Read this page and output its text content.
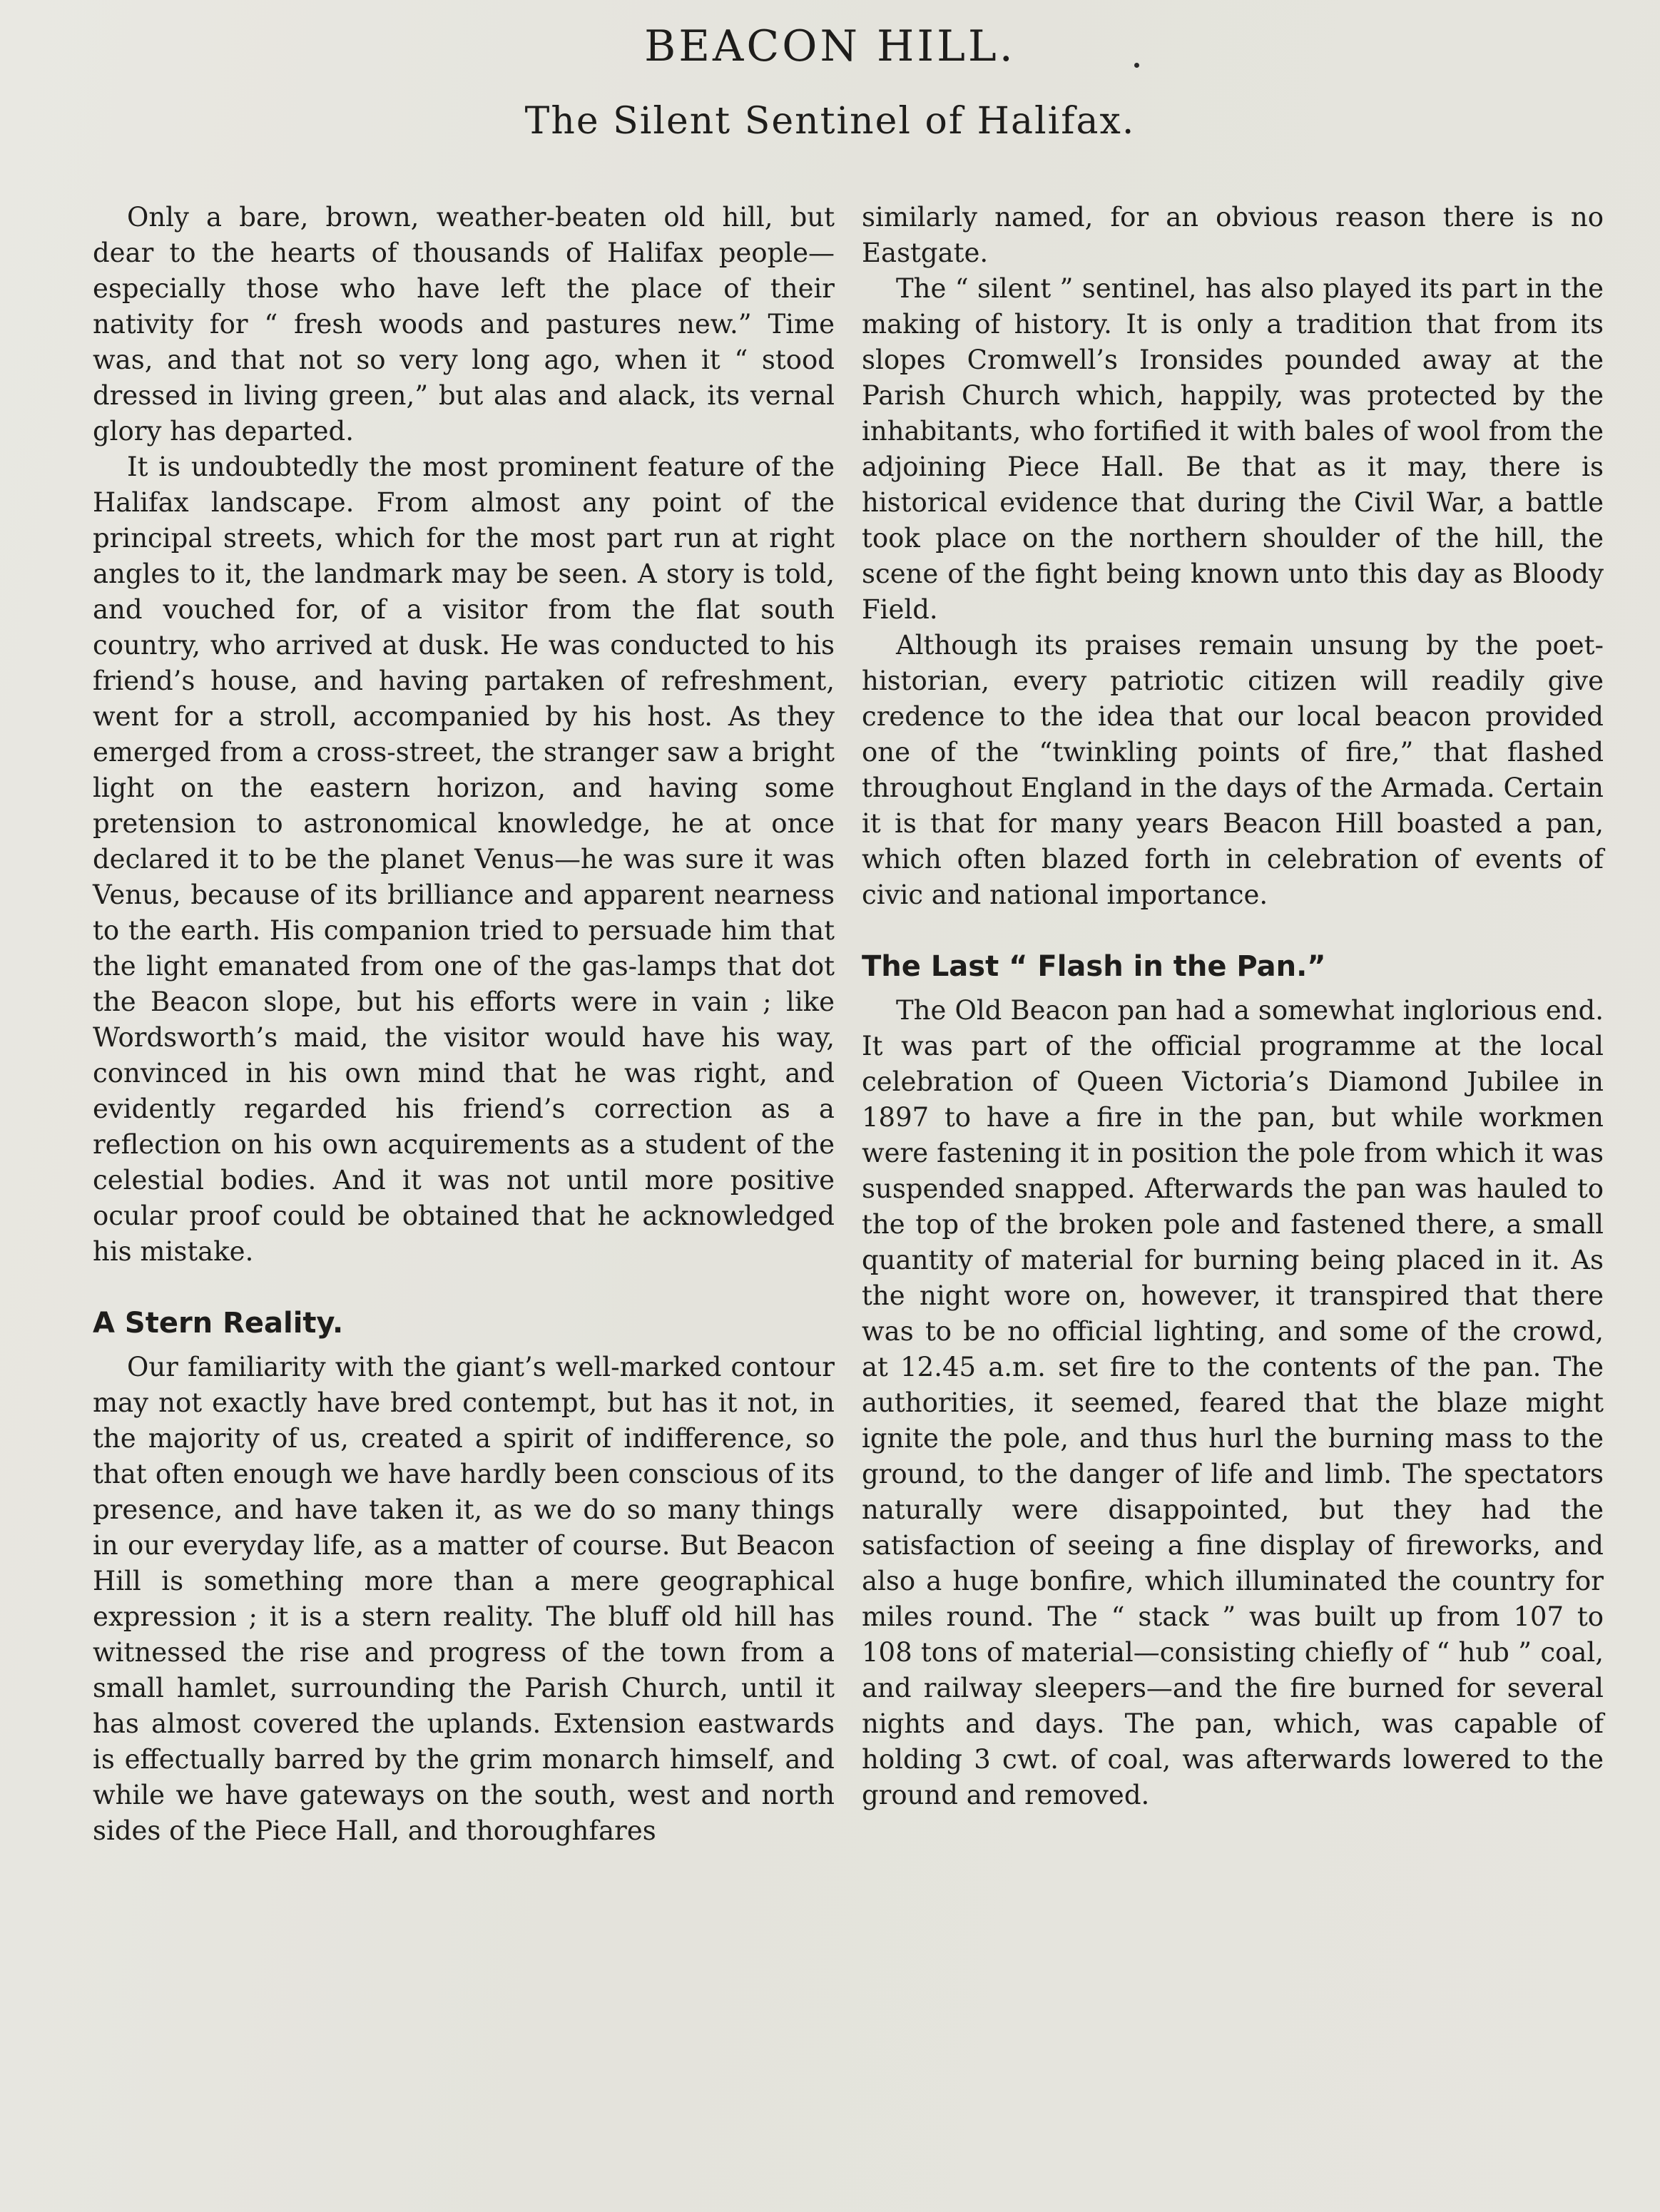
BEACON HILL.
The Silent Sentinel of Halifax.

Only a bare, brown, weather-beaten old hill, but dear to the hearts of thousands of Halifax people—especially those who have left the place of their nativity for “ fresh woods and pastures new.” Time was, and that not so very long ago, when it “ stood dressed in living green,” but alas and alack, its vernal glory has departed.

It is undoubtedly the most prominent feature of the Halifax landscape. From almost any point of the principal streets, which for the most part run at right angles to it, the landmark may be seen. A story is told, and vouched for, of a visitor from the flat south country, who arrived at dusk. He was conducted to his friend’s house, and having partaken of refreshment, went for a stroll, accompanied by his host. As they emerged from a cross-street, the stranger saw a bright light on the eastern horizon, and having some pretension to astronomical knowledge, he at once declared it to be the planet Venus—he was sure it was Venus, because of its brilliance and apparent nearness to the earth. His companion tried to persuade him that the light emanated from one of the gas-lamps that dot the Beacon slope, but his efforts were in vain ; like Wordsworth’s maid, the visitor would have his way, convinced in his own mind that he was right, and evidently regarded his friend’s correction as a reflection on his own acquirements as a student of the celestial bodies. And it was not until more positive ocular proof could be obtained that he acknowledged his mistake.

A Stern Reality.

Our familiarity with the giant’s well-marked contour may not exactly have bred contempt, but has it not, in the majority of us, created a spirit of indifference, so that often enough we have hardly been conscious of its presence, and have taken it, as we do so many things in our everyday life, as a matter of course. But Beacon Hill is something more than a mere geographical expression ; it is a stern reality. The bluff old hill has witnessed the rise and progress of the town from a small hamlet, surrounding the Parish Church, until it has almost covered the uplands. Extension eastwards is effectually barred by the grim monarch himself, and while we have gateways on the south, west and north sides of the Piece Hall, and thoroughfares

similarly named, for an obvious reason there is no Eastgate.

The “ silent ” sentinel, has also played its part in the making of history. It is only a tradition that from its slopes Cromwell’s Ironsides pounded away at the Parish Church which, happily, was protected by the inhabitants, who fortified it with bales of wool from the adjoining Piece Hall. Be that as it may, there is historical evidence that during the Civil War, a battle took place on the northern shoulder of the hill, the scene of the fight being known unto this day as Bloody Field.

Although its praises remain unsung by the poet-historian, every patriotic citizen will readily give credence to the idea that our local beacon provided one of the “twinkling points of fire,” that flashed throughout England in the days of the Armada. Certain it is that for many years Beacon Hill boasted a pan, which often blazed forth in celebration of events of civic and national importance.

The Last “ Flash in the Pan.”

The Old Beacon pan had a somewhat inglorious end. It was part of the official programme at the local celebration of Queen Victoria’s Diamond Jubilee in 1897 to have a fire in the pan, but while workmen were fastening it in position the pole from which it was suspended snapped. Afterwards the pan was hauled to the top of the broken pole and fastened there, a small quantity of material for burning being placed in it. As the night wore on, however, it transpired that there was to be no official lighting, and some of the crowd, at 12.45 a.m. set fire to the contents of the pan. The authorities, it seemed, feared that the blaze might ignite the pole, and thus hurl the burning mass to the ground, to the danger of life and limb. The spectators naturally were disappointed, but they had the satisfaction of seeing a fine display of fireworks, and also a huge bonfire, which illuminated the country for miles round. The “ stack ” was built up from 107 to 108 tons of material—consisting chiefly of “ hub ” coal, and railway sleepers—and the fire burned for several nights and days. The pan, which, was capable of holding 3 cwt. of coal, was afterwards lowered to the ground and removed.
